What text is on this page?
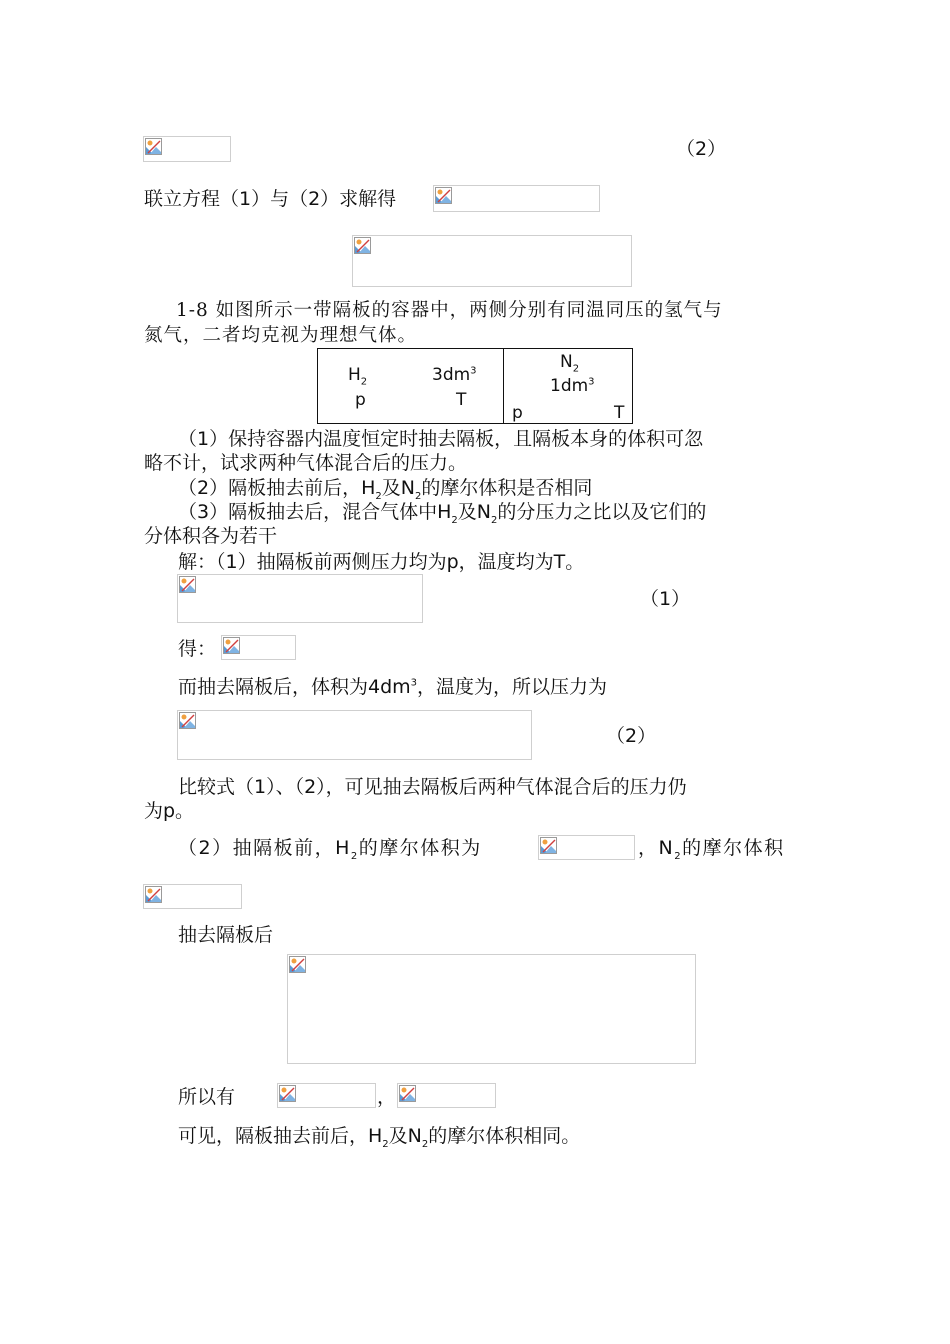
（2）
联立方程（1）与（2）求解得
1-8 如图所示一带隔板的容器中，两侧分别有同温同压的氢气与
氮气，二者均克视为理想气体。
$H_2$	$3dm^3$
p	T
$N_2$
$1dm^3$
p	T
（1）保持容器内温度恒定时抽去隔板，且隔板本身的体积可忽
略不计，试求两种气体混合后的压力。
（2）隔板抽去前后，$H_2$及$N_2$的摩尔体积是否相同
（3）隔板抽去后，混合气体中$H_2$及$N_2$的分压力之比以及它们的
分体积各为若干
解：（1）抽隔板前两侧压力均为p，温度均为T。
（1）
得：
而抽去隔板后，体积为$4dm^3$，温度为，所以压力为
（2）
比较式（1）、（2），可见抽去隔板后两种气体混合后的压力仍
为p。
（2）抽隔板前，$H_2$的摩尔体积为	，$N_2$的摩尔体积
抽去隔板后
所以有	，
可见，隔板抽去前后，$H_2$及$N_2$的摩尔体积相同。
